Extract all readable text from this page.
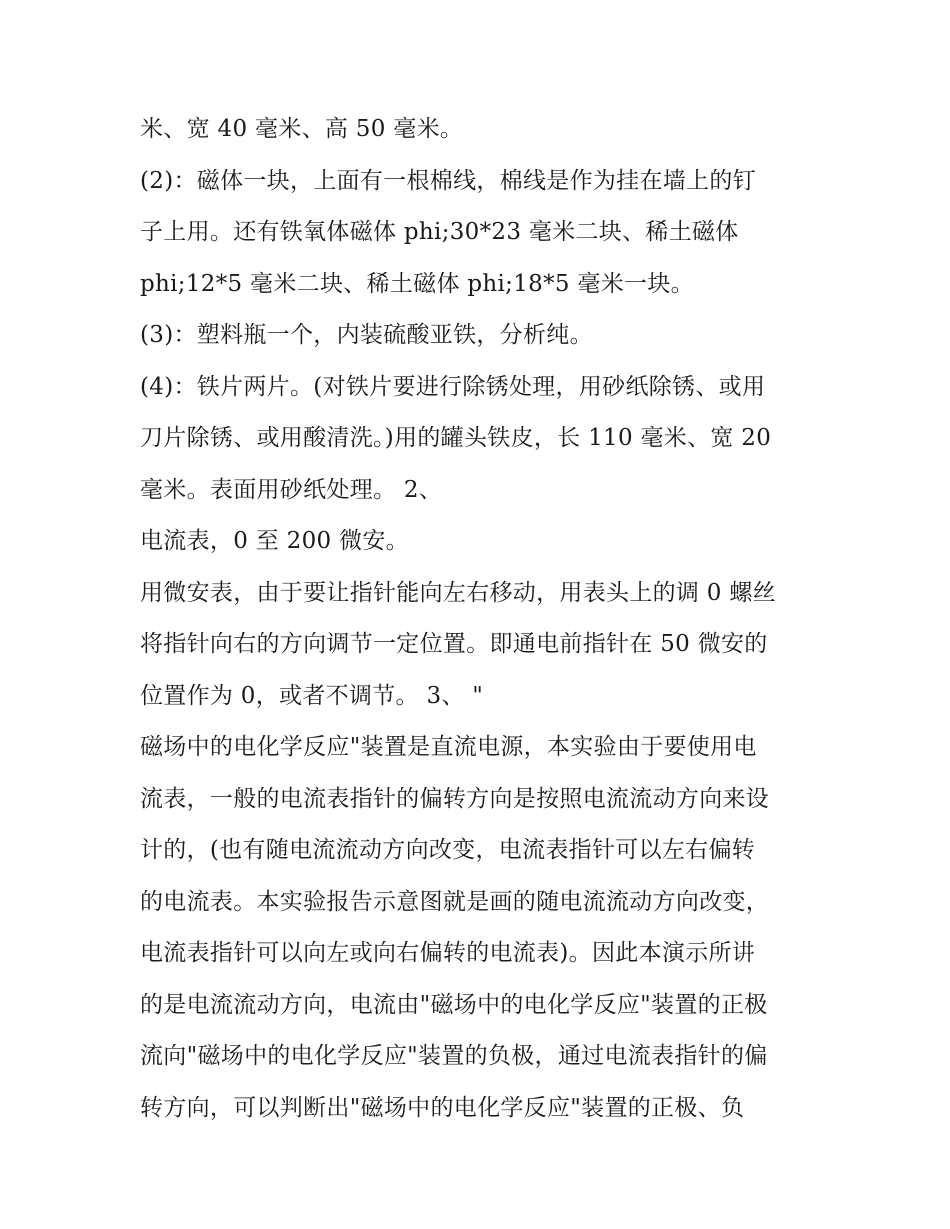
米、宽 40 毫米、高 50 毫米。
(2)：磁体一块，上面有一根棉线，棉线是作为挂在墙上的钉
子上用。还有铁氧体磁体 phi;30*23 毫米二块、稀土磁体
phi;12*5 毫米二块、稀土磁体 phi;18*5 毫米一块。
(3)：塑料瓶一个，内装硫酸亚铁，分析纯。
(4)：铁片两片。(对铁片要进行除锈处理，用砂纸除锈、或用
刀片除锈、或用酸清洗。)用的罐头铁皮，长 110 毫米、宽 20
毫米。表面用砂纸处理。 2、
电流表，0 至 200 微安。
用微安表，由于要让指针能向左右移动，用表头上的调 0 螺丝
将指针向右的方向调节一定位置。即通电前指针在 50 微安的
位置作为 0，或者不调节。 3、 "
磁场中的电化学反应"装置是直流电源，本实验由于要使用电
流表，一般的电流表指针的偏转方向是按照电流流动方向来设
计的，(也有随电流流动方向改变，电流表指针可以左右偏转
的电流表。本实验报告示意图就是画的随电流流动方向改变，
电流表指针可以向左或向右偏转的电流表)。因此本演示所讲
的是电流流动方向，电流由"磁场中的电化学反应"装置的正极
流向"磁场中的电化学反应"装置的负极，通过电流表指针的偏
转方向，可以判断出"磁场中的电化学反应"装置的正极、负
